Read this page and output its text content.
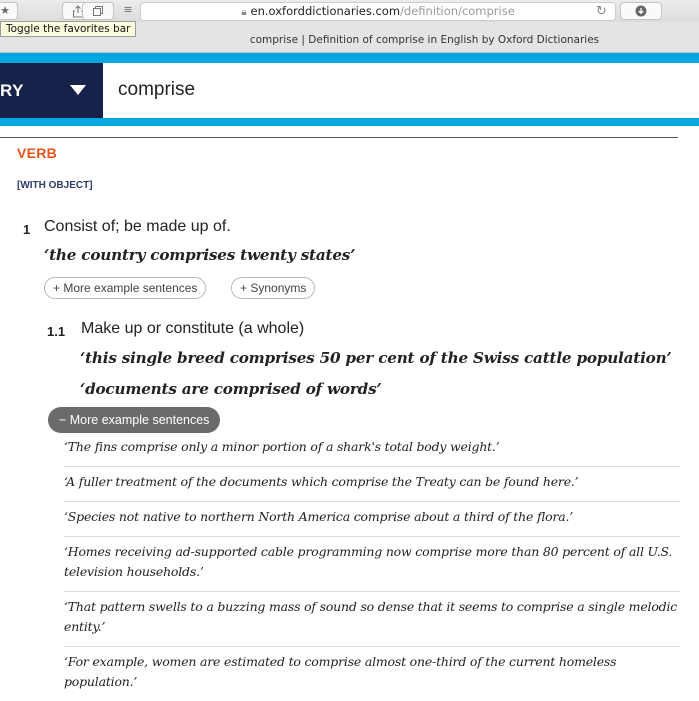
★	≡	🔒︎ en.oxforddictionaries.com/definition/comprise	↻
Toggle the favorites bar
comprise | Definition of comprise in English by Oxford Dictionaries
RY	comprise
VERB
[WITH OBJECT]
1 Consist of; be made up of.
‘the country comprises twenty states’
+ More example sentences	+ Synonyms
1.1 Make up or constitute (a whole)
‘this single breed comprises 50 per cent of the Swiss cattle population’
‘documents are comprised of words’
− More example sentences
‘The fins comprise only a minor portion of a shark's total body weight.’
‘A fuller treatment of the documents which comprise the Treaty can be found here.’
‘Species not native to northern North America comprise about a third of the flora.’
‘Homes receiving ad-supported cable programming now comprise more than 80 percent of all U.S. television households.’
‘That pattern swells to a buzzing mass of sound so dense that it seems to comprise a single melodic entity.’
‘For example, women are estimated to comprise almost one-third of the current homeless population.’
